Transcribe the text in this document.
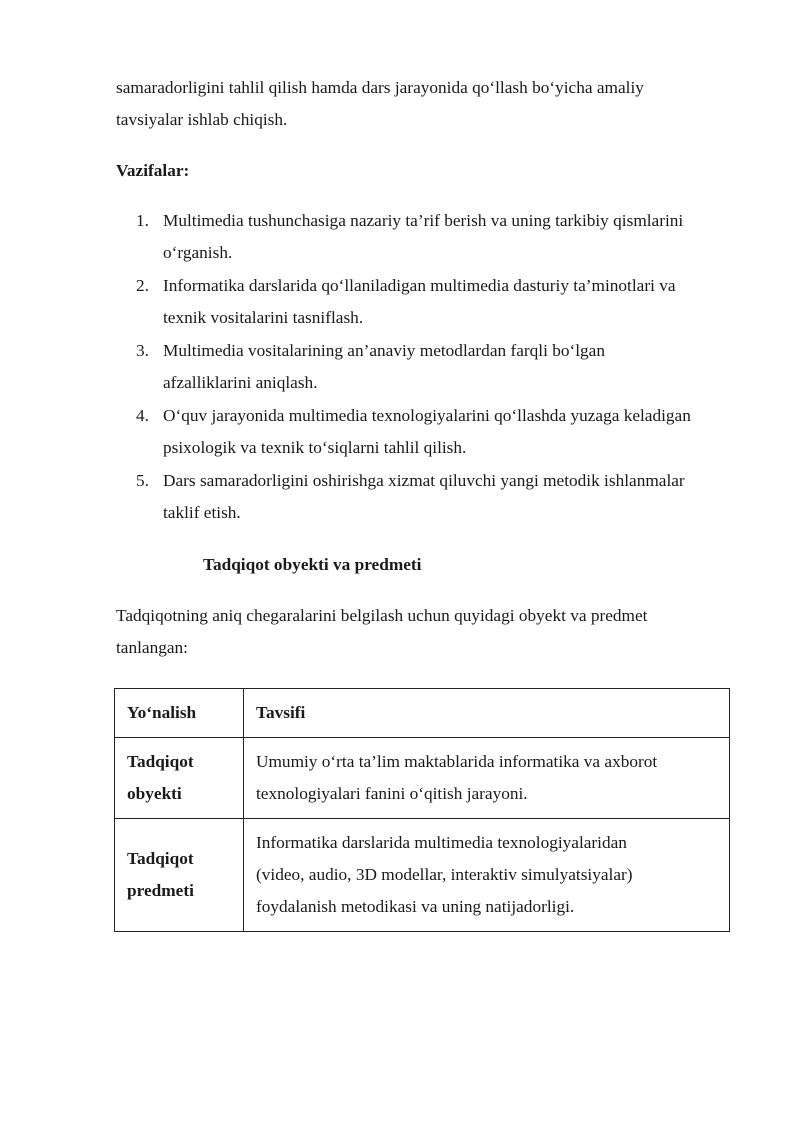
samaradorligini tahlil qilish hamda dars jarayonida qo‘llash bo‘yicha amaliy
tavsiyalar ishlab chiqish.

Vazifalar:

1. Multimedia tushunchasiga nazariy ta’rif berish va uning tarkibiy qismlarini
o‘rganish.
2. Informatika darslarida qo‘llaniladigan multimedia dasturiy ta’minotlari va
texnik vositalarini tasniflash.
3. Multimedia vositalarining an’anaviy metodlardan farqli bo‘lgan
afzalliklarini aniqlash.
4. O‘quv jarayonida multimedia texnologiyalarini qo‘llashda yuzaga keladigan
psixologik va texnik to‘siqlarni tahlil qilish.
5. Dars samaradorligini oshirishga xizmat qiluvchi yangi metodik ishlanmalar
taklif etish.

Tadqiqot obyekti va predmeti

Tadqiqotning aniq chegaralarini belgilash uchun quyidagi obyekt va predmet
tanlangan:

Yo‘nalish	Tavsifi
Tadqiqot
obyekti	Umumiy o‘rta ta’lim maktablarida informatika va axborot
texnologiyalari fanini o‘qitish jarayoni.
Tadqiqot
predmeti	Informatika darslarida multimedia texnologiyalaridan
(video, audio, 3D modellar, interaktiv simulyatsiyalar)
foydalanish metodikasi va uning natijadorligi.
